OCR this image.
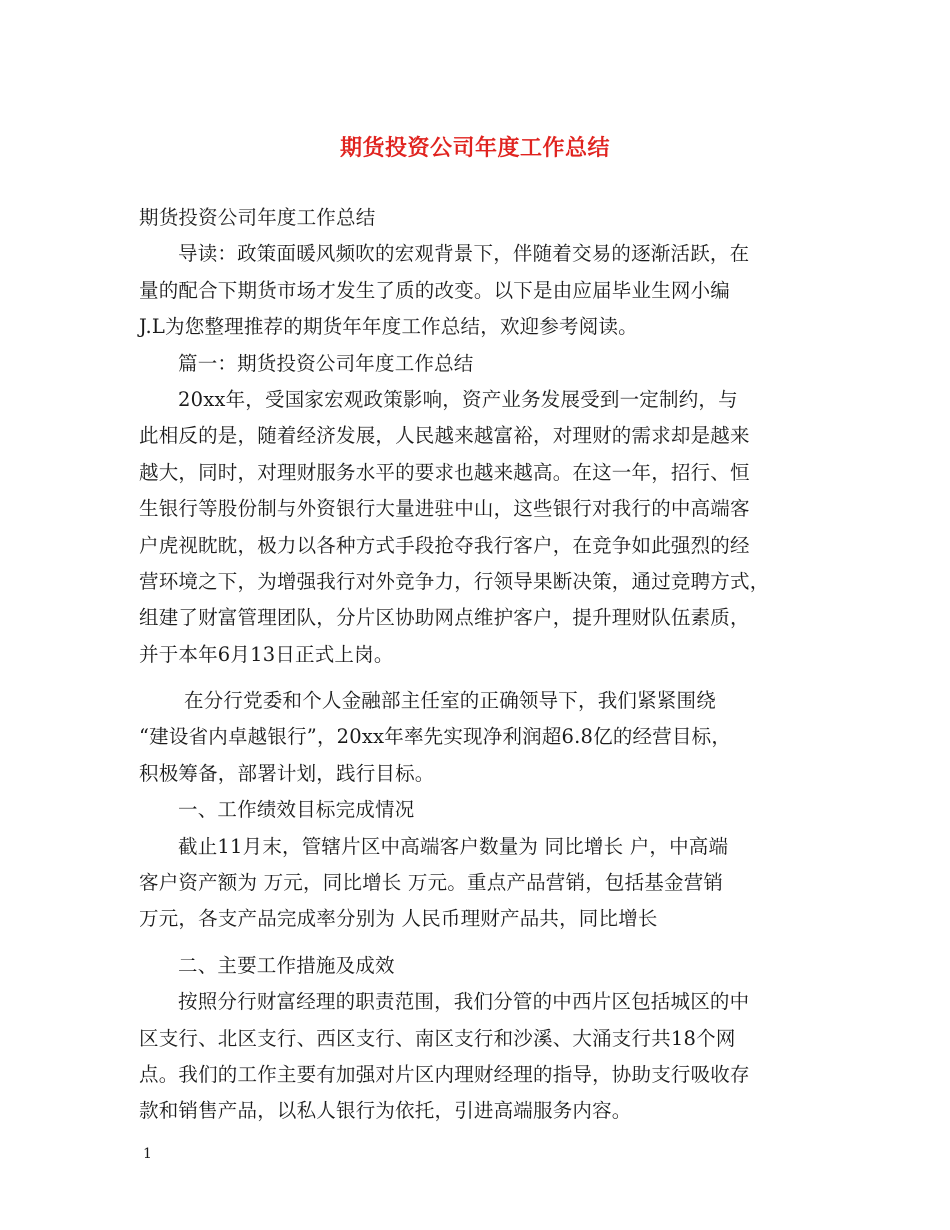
期货投资公司年度工作总结
期货投资公司年度工作总结
导读：政策面暖风频吹的宏观背景下，伴随着交易的逐渐活跃，在
量的配合下期货市场才发生了质的改变。以下是由应届毕业生网小编
J.L为您整理推荐的期货年年度工作总结，欢迎参考阅读。
篇一：期货投资公司年度工作总结
20xx年，受国家宏观政策影响，资产业务发展受到一定制约，与
此相反的是，随着经济发展，人民越来越富裕，对理财的需求却是越来
越大，同时，对理财服务水平的要求也越来越高。在这一年，招行、恒
生银行等股份制与外资银行大量进驻中山，这些银行对我行的中高端客
户虎视眈眈，极力以各种方式手段抢夺我行客户，在竞争如此强烈的经
营环境之下，为增强我行对外竞争力，行领导果断决策，通过竞聘方式，
组建了财富管理团队，分片区协助网点维护客户，提升理财队伍素质，
并于本年6月13日正式上岗。
在分行党委和个人金融部主任室的正确领导下，我们紧紧围绕
“建设省内卓越银行”，20xx年率先实现净利润超6.8亿的经营目标，
积极筹备，部署计划，践行目标。
一、工作绩效目标完成情况
截止11月末，管辖片区中高端客户数量为 同比增长 户，中高端
客户资产额为 万元，同比增长 万元。重点产品营销，包括基金营销
万元，各支产品完成率分别为 人民币理财产品共，同比增长
二、主要工作措施及成效
按照分行财富经理的职责范围，我们分管的中西片区包括城区的中
区支行、北区支行、西区支行、南区支行和沙溪、大涌支行共18个网
点。我们的工作主要有加强对片区内理财经理的指导，协助支行吸收存
款和销售产品，以私人银行为依托，引进高端服务内容。
1
